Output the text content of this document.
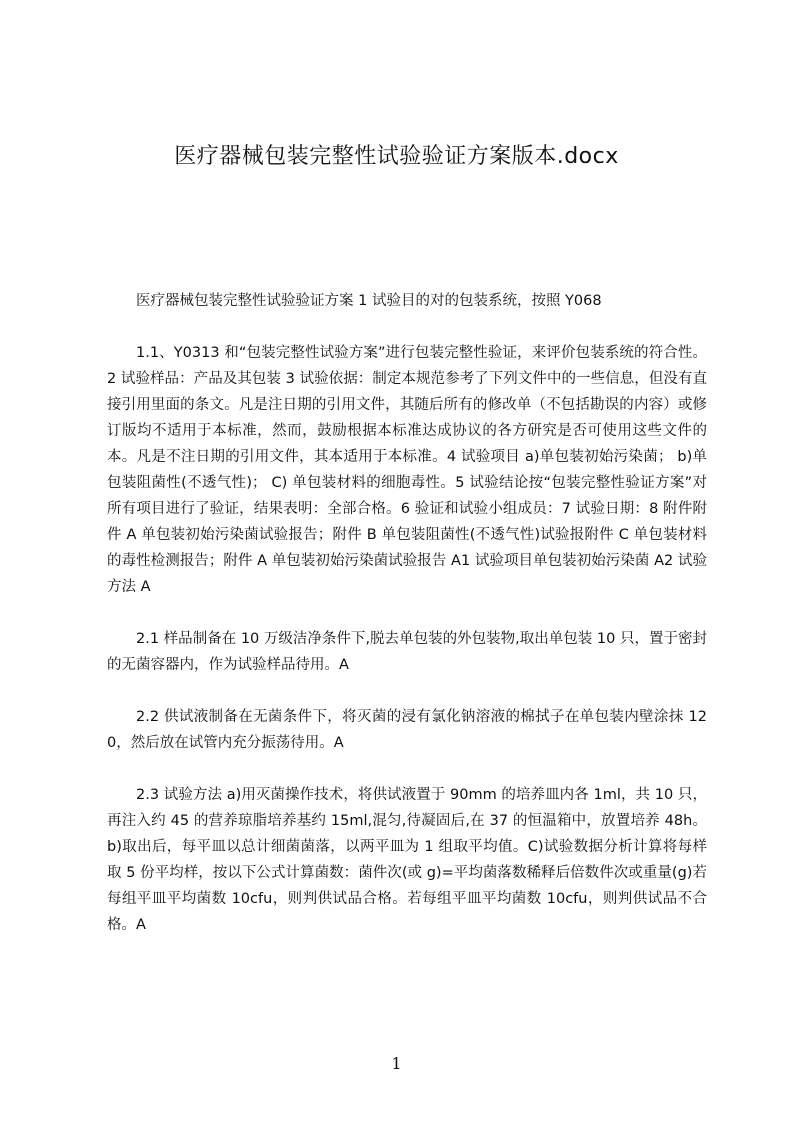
医疗器械包装完整性试验验证方案版本.docx

医疗器械包装完整性试验验证方案 1 试验目的对的包装系统，按照 Y068

1.1、Y0313 和“包装完整性试验方案”进行包装完整性验证，来评价包装系统的符合性。2 试验样品：产品及其包装 3 试验依据：制定本规范参考了下列文件中的一些信息，但没有直接引用里面的条文。凡是注日期的引用文件，其随后所有的修改单（不包括勘误的内容）或修订版均不适用于本标准，然而，鼓励根据本标准达成协议的各方研究是否可使用这些文件的本。凡是不注日期的引用文件，其本适用于本标准。4 试验项目 a)单包装初始污染菌； b)单包装阻菌性(不透气性)； C) 单包装材料的细胞毒性。5 试验结论按“包装完整性验证方案”对所有项目进行了验证，结果表明：全部合格。6 验证和试验小组成员：7 试验日期：8 附件附件 A 单包装初始污染菌试验报告；附件 B 单包装阻菌性(不透气性)试验报附件 C 单包装材料的毒性检测报告；附件 A 单包装初始污染菌试验报告 A1 试验项目单包装初始污染菌 A2 试验方法 A

2.1 样品制备在 10 万级洁净条件下,脱去单包装的外包装物,取出单包装 10 只，置于密封的无菌容器内，作为试验样品待用。A

2.2 供试液制备在无菌条件下，将灭菌的浸有氯化钠溶液的棉拭子在单包装内壁涂抹 120，然后放在试管内充分振荡待用。A

2.3 试验方法 a)用灭菌操作技术，将供试液置于 90mm 的培养皿内各 1ml，共 10 只，再注入约 45 的营养琼脂培养基约 15ml,混匀,待凝固后,在 37 的恒温箱中，放置培养 48h。b)取出后，每平皿以总计细菌菌落，以两平皿为 1 组取平均值。C)试验数据分析计算将每样取 5 份平均样，按以下公式计算菌数：菌件次(或 g)=平均菌落数稀释后倍数件次或重量(g)若每组平皿平均菌数 10cfu，则判供试品合格。若每组平皿平均菌数 10cfu，则判供试品不合格。A

1
